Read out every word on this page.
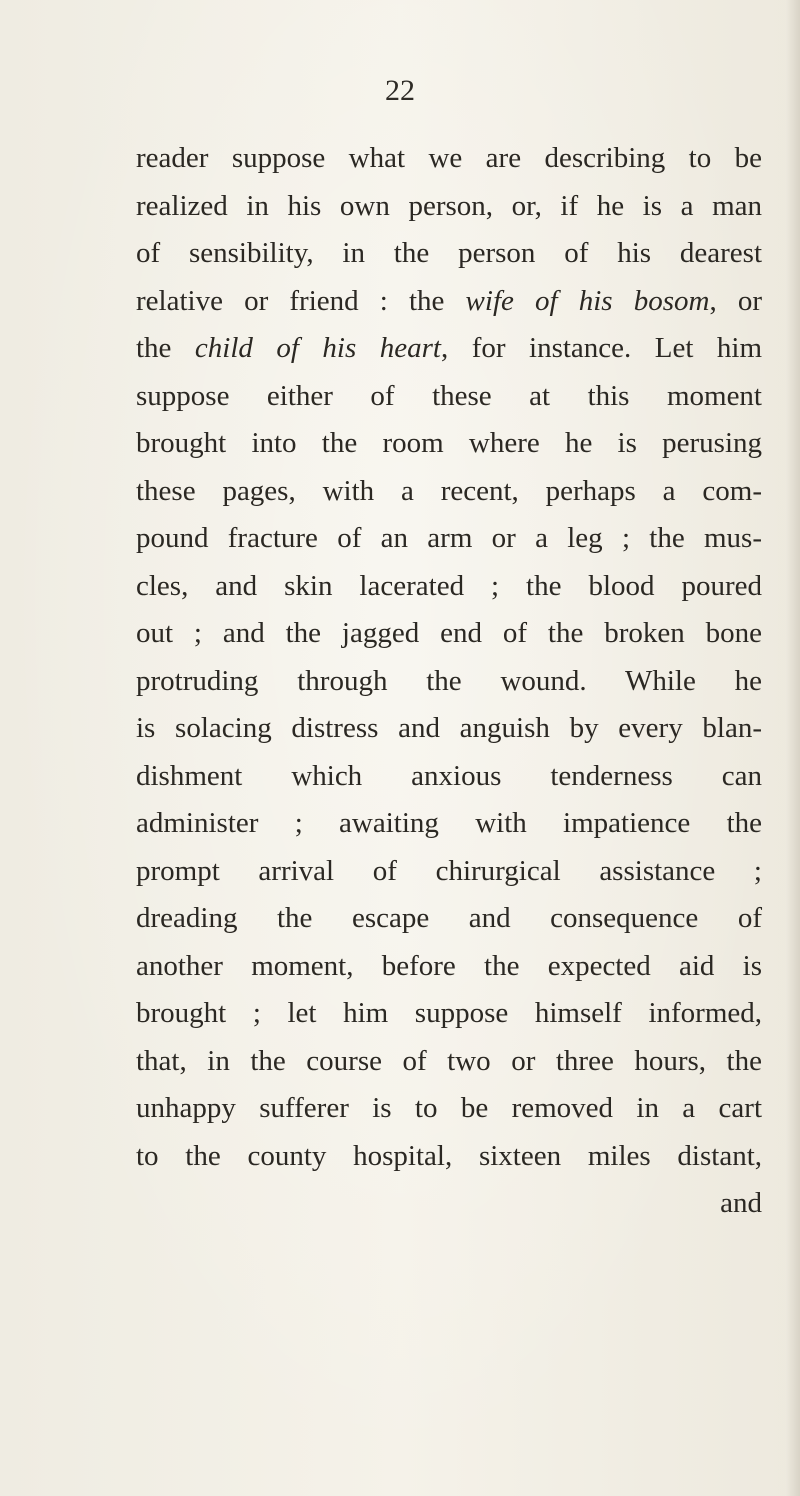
22
reader suppose what we are describing to be
realized in his own person, or, if he is a man
of sensibility, in the person of his dearest
relative or friend : the wife of his bosom, or
the child of his heart, for instance. Let him
suppose either of these at this moment
brought into the room where he is perusing
these pages, with a recent, perhaps a com-
pound fracture of an arm or a leg ; the mus-
cles, and skin lacerated ; the blood poured
out ; and the jagged end of the broken bone
protruding through the wound. While he
is solacing distress and anguish by every blan-
dishment which anxious tenderness can
administer ; awaiting with impatience the
prompt arrival of chirurgical assistance ;
dreading the escape and consequence of
another moment, before the expected aid is
brought ; let him suppose himself informed,
that, in the course of two or three hours, the
unhappy sufferer is to be removed in a cart
to the county hospital, sixteen miles distant,
and
